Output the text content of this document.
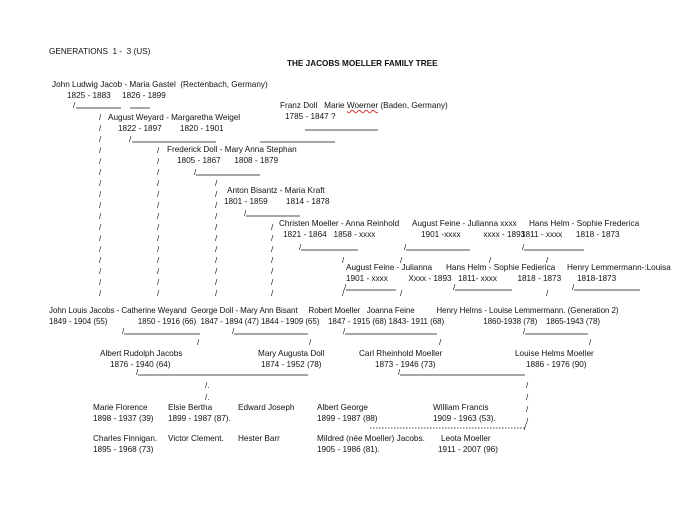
/
/
/
/
/
/
/
/
/
/
/
/
/
/
/
/
/
/
/
/
/
/
/
/
/
/
/
/
/
/
/
/
/
/
/
/
/
/
/
/
/
/
/
/
/
/
/
/
/
/
/
/
/
/
/
/	/
/	/	/
/
/
/
/	/
/
/	/	/	/
/	/	/	/
/	/
/.
/.
/
/
/
/
/
GENERATIONS  1 -  3 (US)
THE JACOBS MOELLER FAMILY TREE
John Ludwig Jacob - Maria Gastel  (Rectenbach, Germany)
1825 - 1883     1826 - 1899
Franz Doll   Marie Woerner (Baden, Germany)
1785 - 1847 ?
August Weyard - Margaretha Weigel
1822 - 1897        1820 - 1901
Frederick Doll - Mary Anna Stephan
1805 - 1867      1808 - 1879
Anton Bisantz - Maria Kraft
1801 - 1859        1814 - 1878
Christen Moeller - Anna Reinhold
1821 - 1864   1858 - xxxx
August Feine - Julianna xxxx
1901 -xxxx          xxxx - 1893
Hans Helm - Sophie Frederica
1811 - xxxx      1818 - 1873
August Feine - Julianna
1901 - xxxx         Xxxx - 1893
Hans Helm - Sophie Fedierica
1811- xxxx         1818 - 1873
Henry Lemmermann-:Louisa
1818-1873
John Louis Jacobs - Catherine Weyand  George Doll - Mary Ann Bisant     Robert Moeller   Joanna Feine          Henry Helms - Louise Lemmermann. (Generation 2)
1849 - 1904 (55)              1850 - 1916 (66)  1847 - 1894 (47) 1844 - 1909 (65)    1847 - 1915 (68) 1843- 1911 (68)                  1860-1938 (78)    1865-1943 (78)
Albert Rudolph Jacobs
1876 - 1940 (64)
Mary Augusta Doll
1874 - 1952 (78)
Carl Rheinhold Moeller
1873 - 1946 (73)
Louise Helms Moeller
1886 - 1976 (90)
Marie Florence
1898 - 1937 (39)
Elsie Bertha
1899 - 1987 (87).
Edward Joseph	Albert George
1899 - 1987 (88)
William Francis
1909 - 1963 (53).
Charles Finnigan.
1895 - 1968 (73)
Victor Clement. Hester Barr	Mildred (née Moeller) Jacobs.
1905 - 1986 (81).
Leota Moeller
1911 - 2007 (96)
